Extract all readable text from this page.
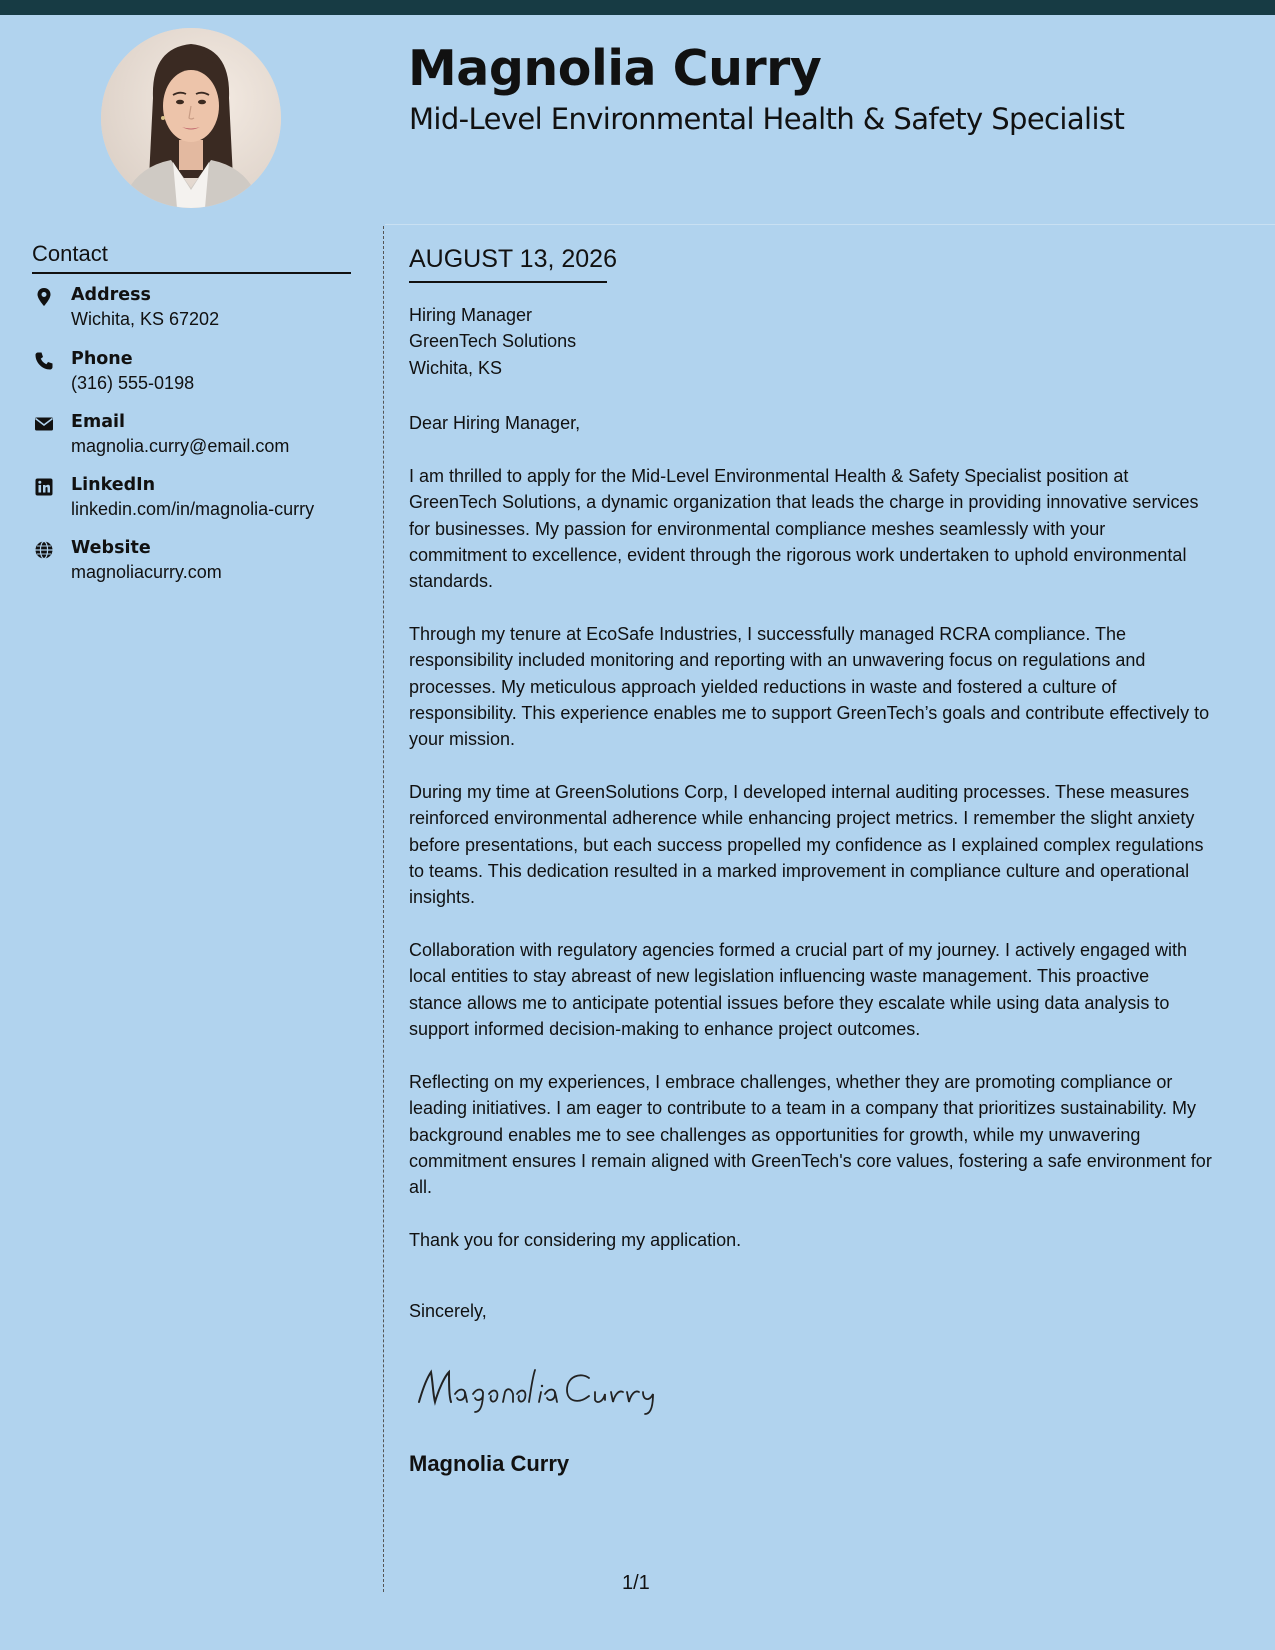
Magnolia Curry
Mid-Level Environmental Health & Safety Specialist
Contact
Address
Wichita, KS 67202
Phone
(316) 555-0198
Email
magnolia.curry@email.com
LinkedIn
linkedin.com/in/magnolia-curry
Website
magnoliacurry.com
AUGUST 13, 2026
Hiring Manager
GreenTech Solutions
Wichita, KS
Dear Hiring Manager,
I am thrilled to apply for the Mid-Level Environmental Health & Safety Specialist position at
GreenTech Solutions, a dynamic organization that leads the charge in providing innovative services
for businesses. My passion for environmental compliance meshes seamlessly with your
commitment to excellence, evident through the rigorous work undertaken to uphold environmental
standards.
Through my tenure at EcoSafe Industries, I successfully managed RCRA compliance. The
responsibility included monitoring and reporting with an unwavering focus on regulations and
processes. My meticulous approach yielded reductions in waste and fostered a culture of
responsibility. This experience enables me to support GreenTech’s goals and contribute effectively to
your mission.
During my time at GreenSolutions Corp, I developed internal auditing processes. These measures
reinforced environmental adherence while enhancing project metrics. I remember the slight anxiety
before presentations, but each success propelled my confidence as I explained complex regulations
to teams. This dedication resulted in a marked improvement in compliance culture and operational
insights.
Collaboration with regulatory agencies formed a crucial part of my journey. I actively engaged with
local entities to stay abreast of new legislation influencing waste management. This proactive
stance allows me to anticipate potential issues before they escalate while using data analysis to
support informed decision-making to enhance project outcomes.
Reflecting on my experiences, I embrace challenges, whether they are promoting compliance or
leading initiatives. I am eager to contribute to a team in a company that prioritizes sustainability. My
background enables me to see challenges as opportunities for growth, while my unwavering
commitment ensures I remain aligned with GreenTech's core values, fostering a safe environment for
all.
Thank you for considering my application.
Sincerely,
Magnolia Curry
1/1
